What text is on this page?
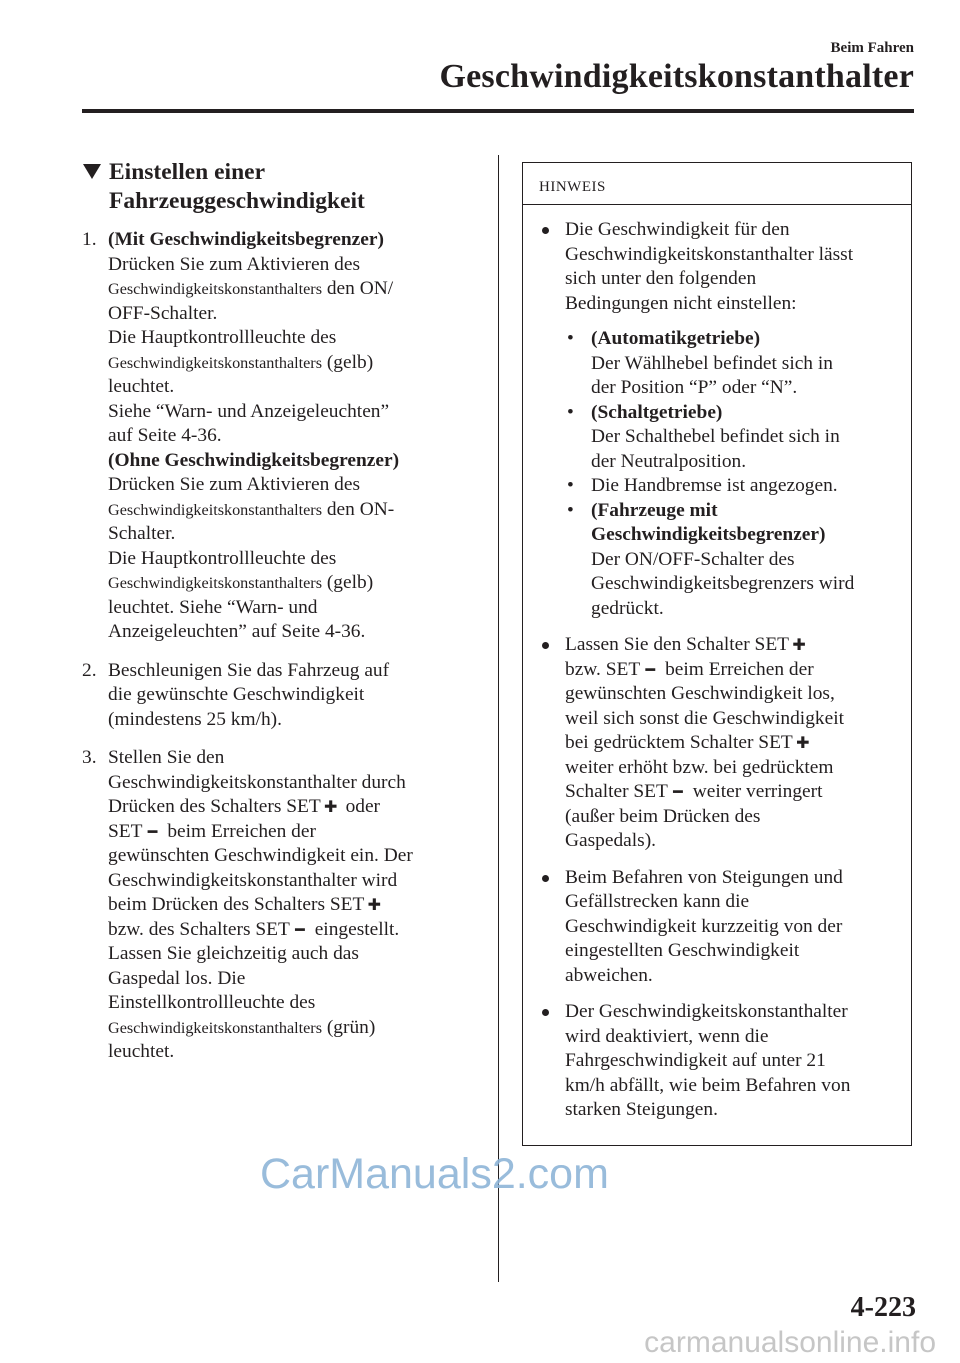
Beim Fahren
Geschwindigkeitskonstanthalter
Einstellen einer
Fahrzeuggeschwindigkeit
1. (Mit Geschwindigkeitsbegrenzer)
Drücken Sie zum Aktivieren des
Geschwindigkeitskonstanthalters den ON/
OFF-Schalter.
Die Hauptkontrollleuchte des
Geschwindigkeitskonstanthalters (gelb)
leuchtet.
Siehe “Warn- und Anzeigeleuchten”
auf Seite 4-36.
(Ohne Geschwindigkeitsbegrenzer)
Drücken Sie zum Aktivieren des
Geschwindigkeitskonstanthalters den ON-
Schalter.
Die Hauptkontrollleuchte des
Geschwindigkeitskonstanthalters (gelb)
leuchtet. Siehe “Warn- und
Anzeigeleuchten” auf Seite 4-36.
2. Beschleunigen Sie das Fahrzeug auf
die gewünschte Geschwindigkeit
(mindestens 25 km/h).
3. Stellen Sie den
Geschwindigkeitskonstanthalter durch
Drücken des Schalters SET ✚ oder
SET ━ beim Erreichen der
gewünschten Geschwindigkeit ein. Der
Geschwindigkeitskonstanthalter wird
beim Drücken des Schalters SET ✚
bzw. des Schalters SET ━ eingestellt.
Lassen Sie gleichzeitig auch das
Gaspedal los. Die
Einstellkontrollleuchte des
Geschwindigkeitskonstanthalters (grün)
leuchtet.
HINWEIS
Die Geschwindigkeit für den
Geschwindigkeitskonstanthalter lässt
sich unter den folgenden
Bedingungen nicht einstellen:
• (Automatikgetriebe)
Der Wählhebel befindet sich in
der Position “P” oder “N”.
• (Schaltgetriebe)
Der Schalthebel befindet sich in
der Neutralposition.
• Die Handbremse ist angezogen.
• (Fahrzeuge mit
Geschwindigkeitsbegrenzer)
Der ON/OFF-Schalter des
Geschwindigkeitsbegrenzers wird
gedrückt.
Lassen Sie den Schalter SET ✚
bzw. SET ━ beim Erreichen der
gewünschten Geschwindigkeit los,
weil sich sonst die Geschwindigkeit
bei gedrücktem Schalter SET ✚
weiter erhöht bzw. bei gedrücktem
Schalter SET ━ weiter verringert
(außer beim Drücken des
Gaspedals).
Beim Befahren von Steigungen und
Gefällstrecken kann die
Geschwindigkeit kurzzeitig von der
eingestellten Geschwindigkeit
abweichen.
Der Geschwindigkeitskonstanthalter
wird deaktiviert, wenn die
Fahrgeschwindigkeit auf unter 21
km/h abfällt, wie beim Befahren von
starken Steigungen.
CarManuals2.com
4-223
carmanualsonline.info
